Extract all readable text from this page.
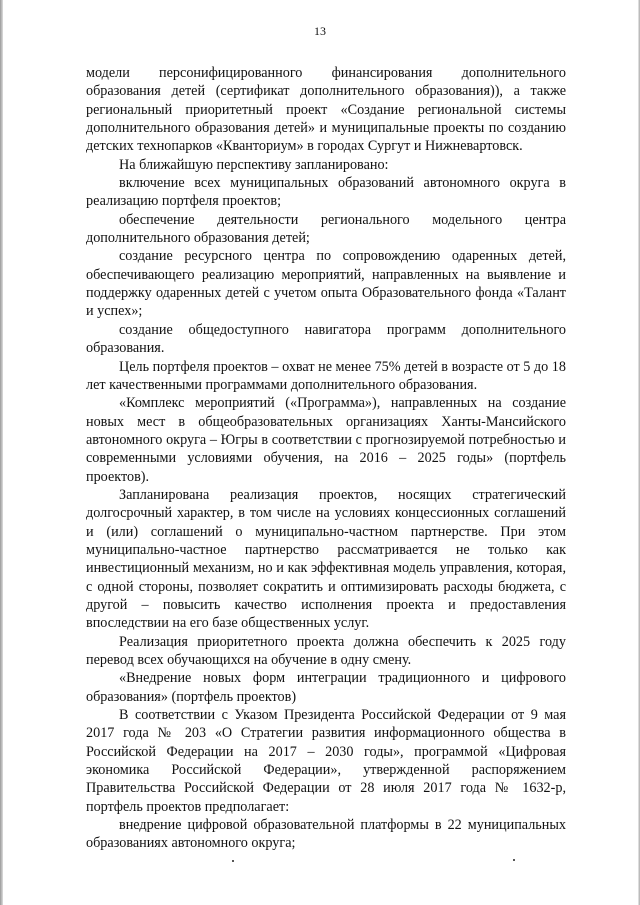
13

модели персонифицированного финансирования дополнительного образования детей (сертификат дополнительного образования)), а также региональный приоритетный проект «Создание региональной системы дополнительного образования детей» и муниципальные проекты по созданию детских технопарков «Кванториум» в городах Сургут и Нижневартовск.

На ближайшую перспективу запланировано:

включение всех муниципальных образований автономного округа в реализацию портфеля проектов;

обеспечение деятельности регионального модельного центра дополнительного образования детей;

создание ресурсного центра по сопровождению одаренных детей, обеспечивающего реализацию мероприятий, направленных на выявление и поддержку одаренных детей с учетом опыта Образовательного фонда «Талант и успех»;

создание общедоступного навигатора программ дополнительного образования.

Цель портфеля проектов – охват не менее 75% детей в возрасте от 5 до 18 лет качественными программами дополнительного образования.

«Комплекс мероприятий («Программа»), направленных на создание новых мест в общеобразовательных организациях Ханты-Мансийского автономного округа – Югры в соответствии с прогнозируемой потребностью и современными условиями обучения, на 2016 – 2025 годы» (портфель проектов).

Запланирована реализация проектов, носящих стратегический долгосрочный характер, в том числе на условиях концессионных соглашений и (или) соглашений о муниципально-частном партнерстве. При этом муниципально-частное партнерство рассматривается не только как инвестиционный механизм, но и как эффективная модель управления, которая, с одной стороны, позволяет сократить и оптимизировать расходы бюджета, с другой – повысить качество исполнения проекта и предоставления впоследствии на его базе общественных услуг.

Реализация приоритетного проекта должна обеспечить к 2025 году перевод всех обучающихся на обучение в одну смену.

«Внедрение новых форм интеграции традиционного и цифрового образования» (портфель проектов)

В соответствии с Указом Президента Российской Федерации от 9 мая 2017 года № 203 «О Стратегии развития информационного общества в Российской Федерации на 2017 – 2030 годы», программой «Цифровая экономика Российской Федерации», утвержденной распоряжением Правительства Российской Федерации от 28 июля 2017 года № 1632-р, портфель проектов предполагает:

внедрение цифровой образовательной платформы в 22 муниципальных образованиях автономного округа;
